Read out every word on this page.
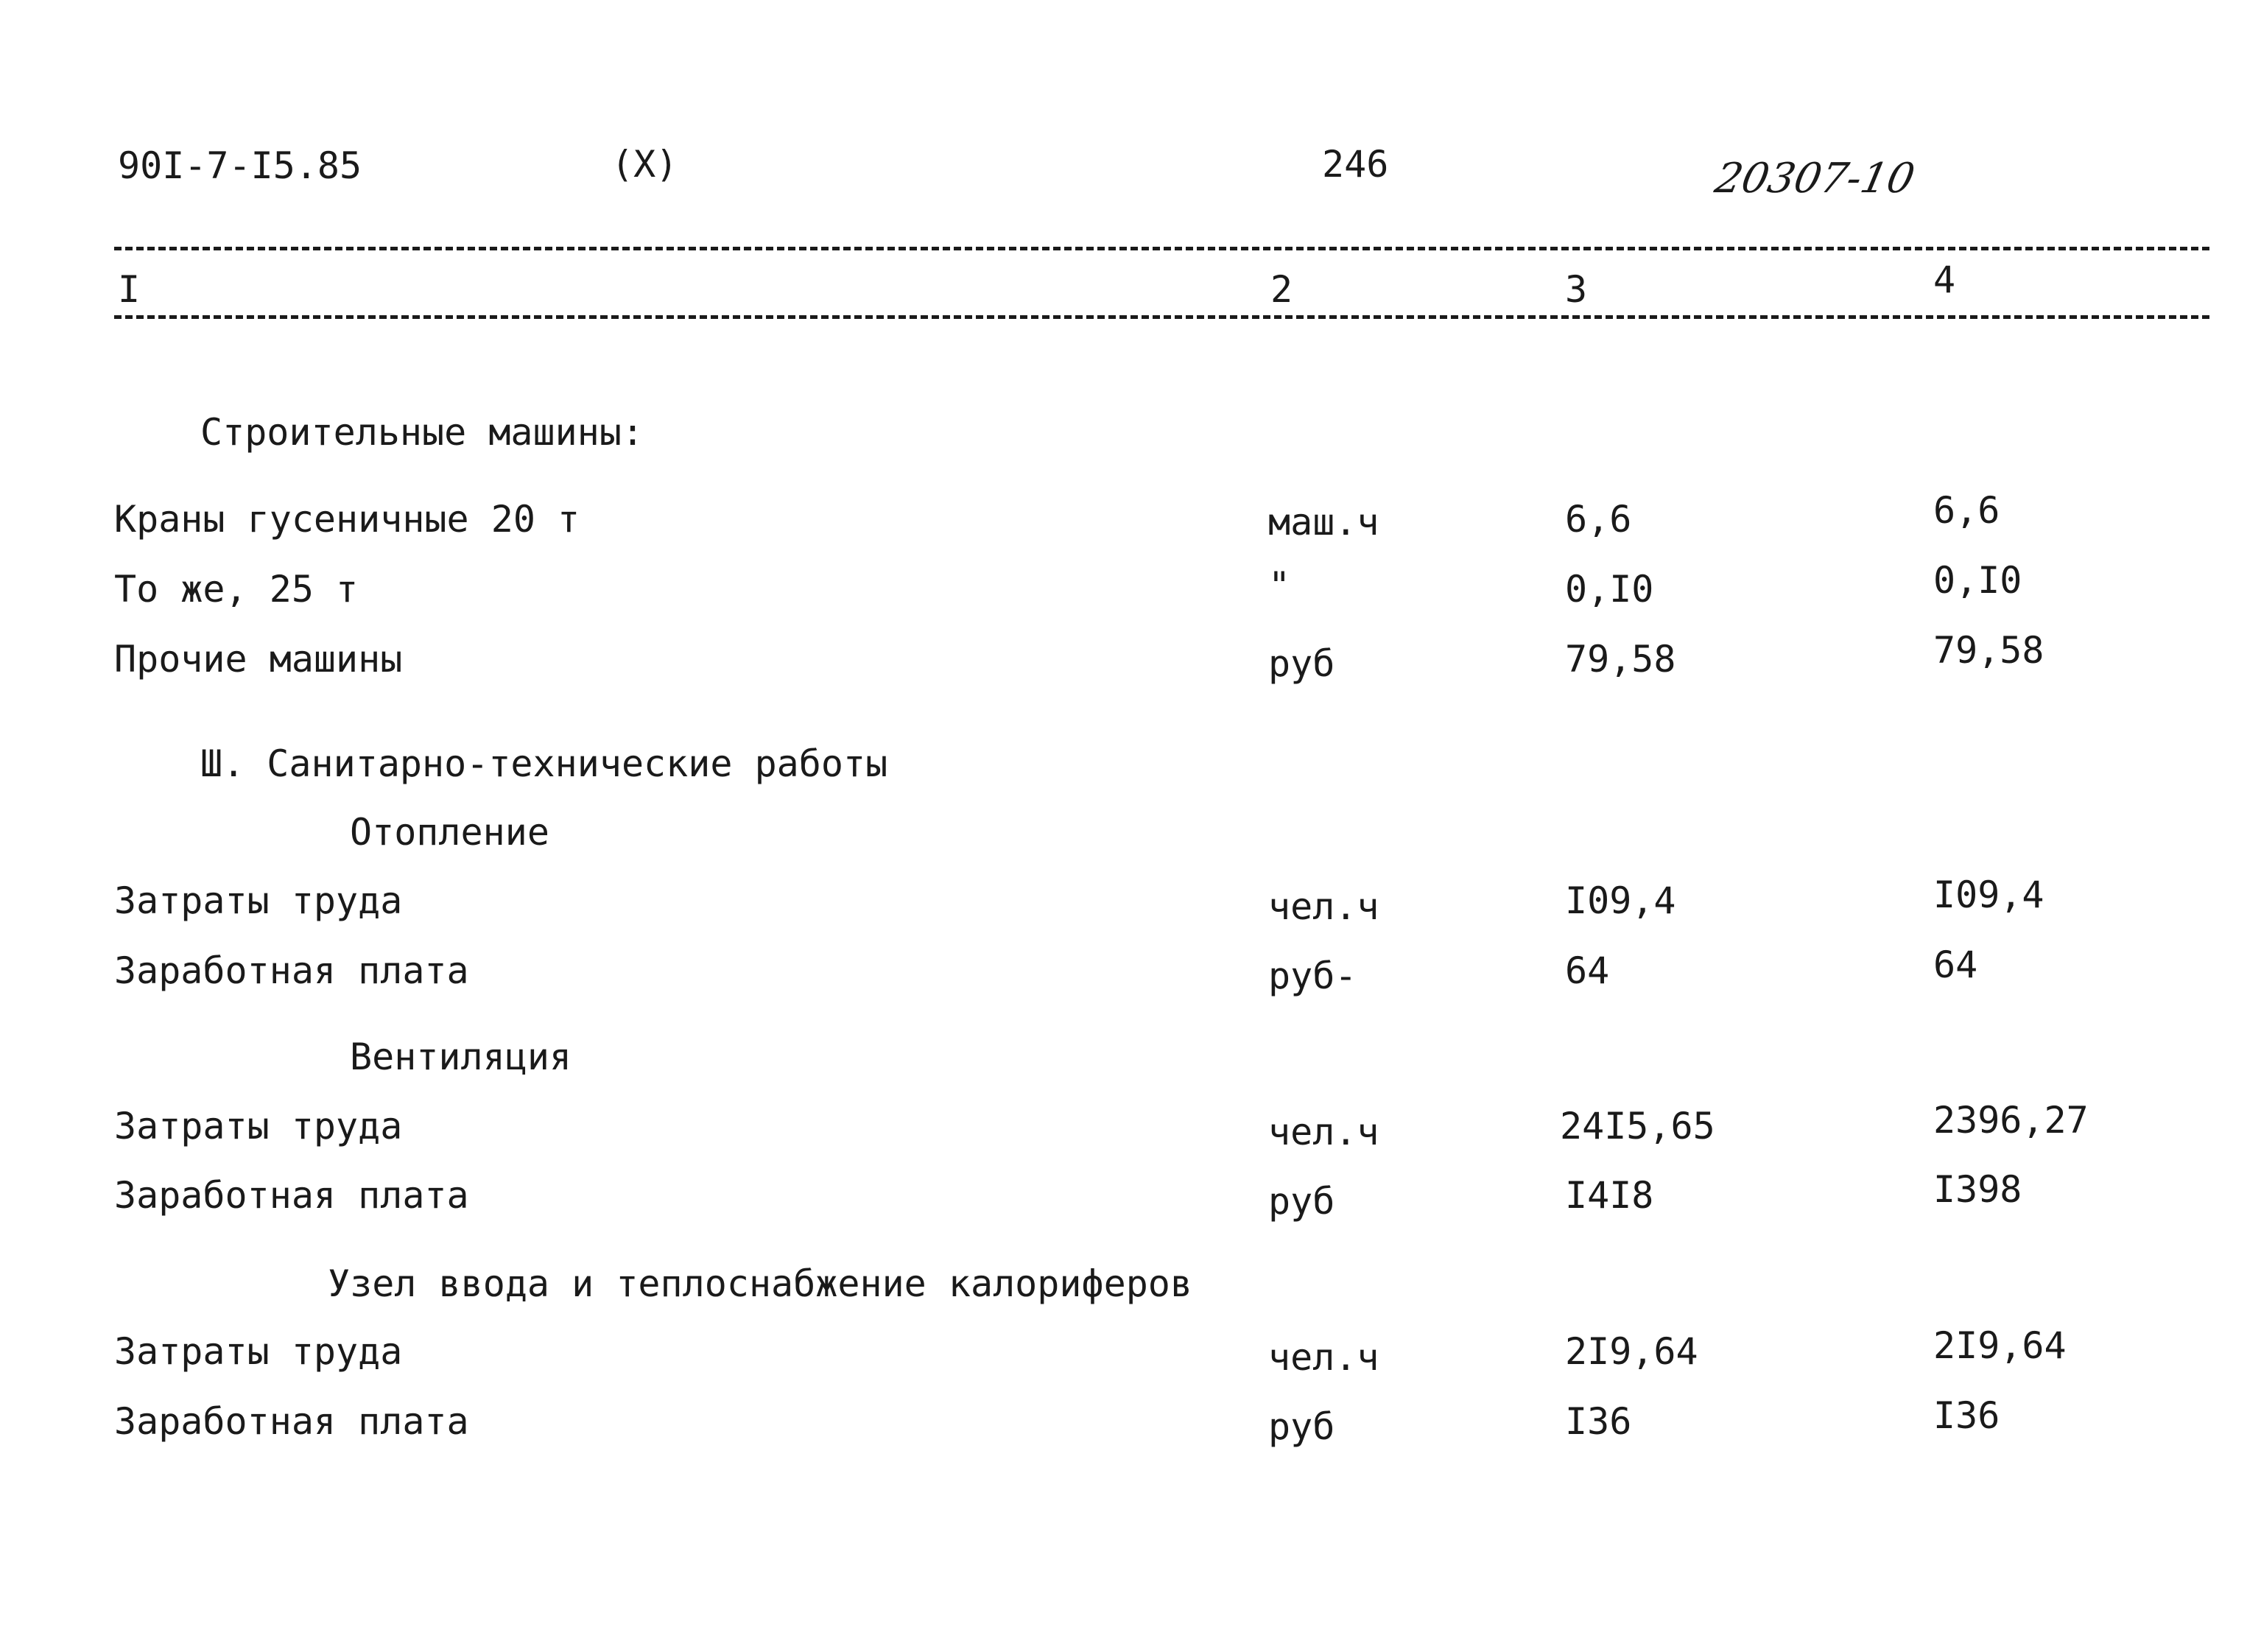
90I-7-I5.85	(X)	246	20307-10
I	2	3	4
Строительные машины:
Краны гусеничные 20 т	маш.ч	6,6	6,6
То же, 25 т	"	0,I0	0,I0
Прочие машины	руб	79,58	79,58
Ш. Санитарно-технические работы
Отопление
Затраты труда	чел.ч	I09,4	I09,4
Заработная плата	руб-	64	64
Вентиляция
Затраты труда	чел.ч	24I5,65	2396,27
Заработная плата	руб	I4I8	I398
Узел ввода и теплоснабжение калориферов
Затраты труда	чел.ч	2I9,64	2I9,64
Заработная плата	руб	I36	I36
